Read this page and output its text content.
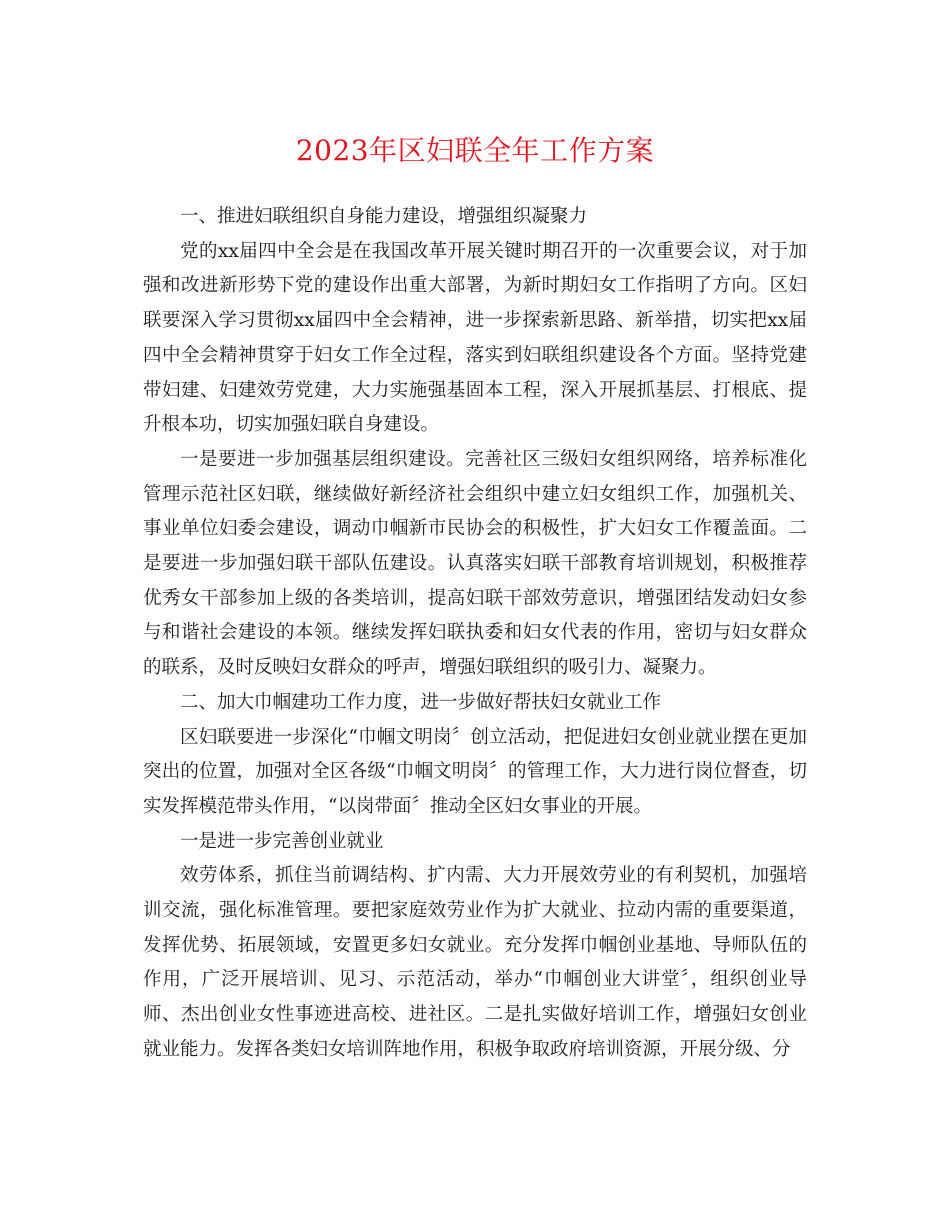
2023年区妇联全年工作方案

一、推进妇联组织自身能力建设，增强组织凝聚力

党的xx届四中全会是在我国改革开展关键时期召开的一次重要会议，对于加强和改进新形势下党的建设作出重大部署，为新时期妇女工作指明了方向。区妇联要深入学习贯彻xx届四中全会精神，进一步探索新思路、新举措，切实把xx届四中全会精神贯穿于妇女工作全过程，落实到妇联组织建设各个方面。坚持党建带妇建、妇建效劳党建，大力实施强基固本工程，深入开展抓基层、打根底、提升根本功，切实加强妇联自身建设。

一是要进一步加强基层组织建设。完善社区三级妇女组织网络，培养标准化管理示范社区妇联，继续做好新经济社会组织中建立妇女组织工作，加强机关、事业单位妇委会建设，调动巾帼新市民协会的积极性，扩大妇女工作覆盖面。二是要进一步加强妇联干部队伍建设。认真落实妇联干部教育培训规划，积极推荐优秀女干部参加上级的各类培训，提高妇联干部效劳意识，增强团结发动妇女参与和谐社会建设的本领。继续发挥妇联执委和妇女代表的作用，密切与妇女群众的联系，及时反映妇女群众的呼声，增强妇联组织的吸引力、凝聚力。

二、加大巾帼建功工作力度，进一步做好帮扶妇女就业工作

区妇联要进一步深化“巾帼文明岗〞创立活动，把促进妇女创业就业摆在更加突出的位置，加强对全区各级“巾帼文明岗〞的管理工作，大力进行岗位督查，切实发挥模范带头作用，“以岗带面〞推动全区妇女事业的开展。

一是进一步完善创业就业

效劳体系，抓住当前调结构、扩内需、大力开展效劳业的有利契机，加强培训交流，强化标准管理。要把家庭效劳业作为扩大就业、拉动内需的重要渠道，发挥优势、拓展领域，安置更多妇女就业。充分发挥巾帼创业基地、导师队伍的作用，广泛开展培训、见习、示范活动，举办“巾帼创业大讲堂〞，组织创业导师、杰出创业女性事迹进高校、进社区。二是扎实做好培训工作，增强妇女创业就业能力。发挥各类妇女培训阵地作用，积极争取政府培训资源，开展分级、分
